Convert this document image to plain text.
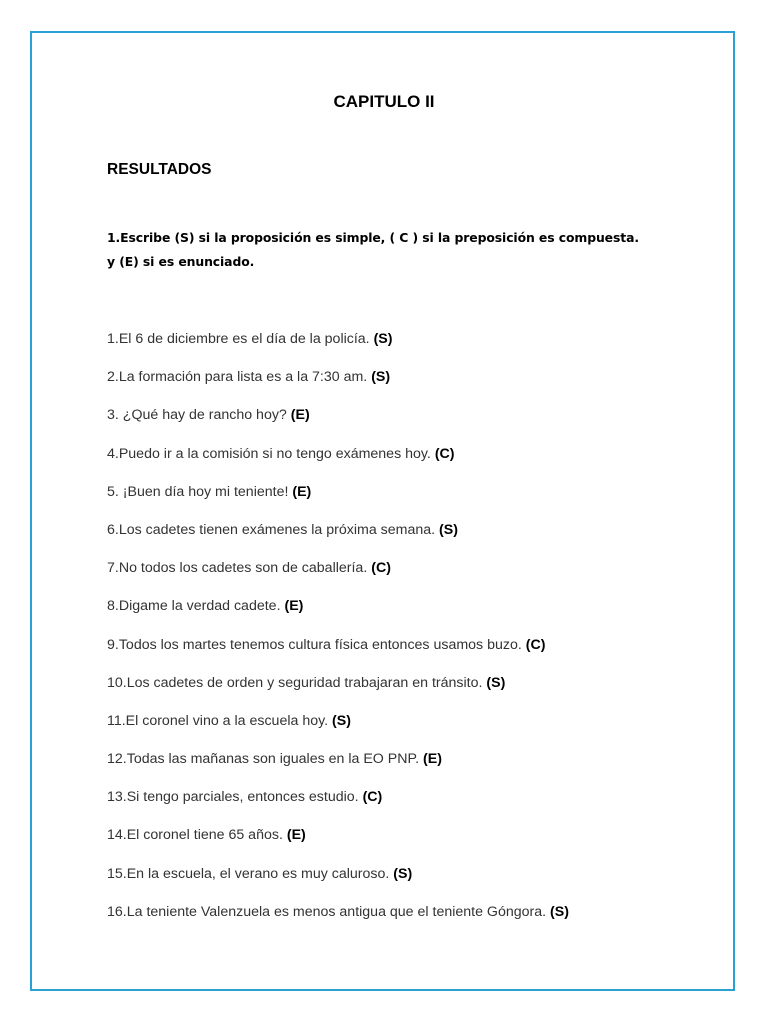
CAPITULO II
RESULTADOS

1.Escribe (S) si la proposición es simple, ( C ) si la preposición es compuesta.
y (E) si es enunciado.

1.El 6 de diciembre es el día de la policía. (S)
2.La formación para lista es a la 7:30 am. (S)
3. ¿Qué hay de rancho hoy? (E)
4.Puedo ir a la comisión si no tengo exámenes hoy. (C)
5. ¡Buen día hoy mi teniente! (E)
6.Los cadetes tienen exámenes la próxima semana. (S)
7.No todos los cadetes son de caballería. (C)
8.Digame la verdad cadete. (E)
9.Todos los martes tenemos cultura física entonces usamos buzo. (C)
10.Los cadetes de orden y seguridad trabajaran en tránsito. (S)
11.El coronel vino a la escuela hoy. (S)
12.Todas las mañanas son iguales en la EO PNP. (E)
13.Si tengo parciales, entonces estudio. (C)
14.El coronel tiene 65 años. (E)
15.En la escuela, el verano es muy caluroso. (S)
16.La teniente Valenzuela es menos antigua que el teniente Góngora. (S)
